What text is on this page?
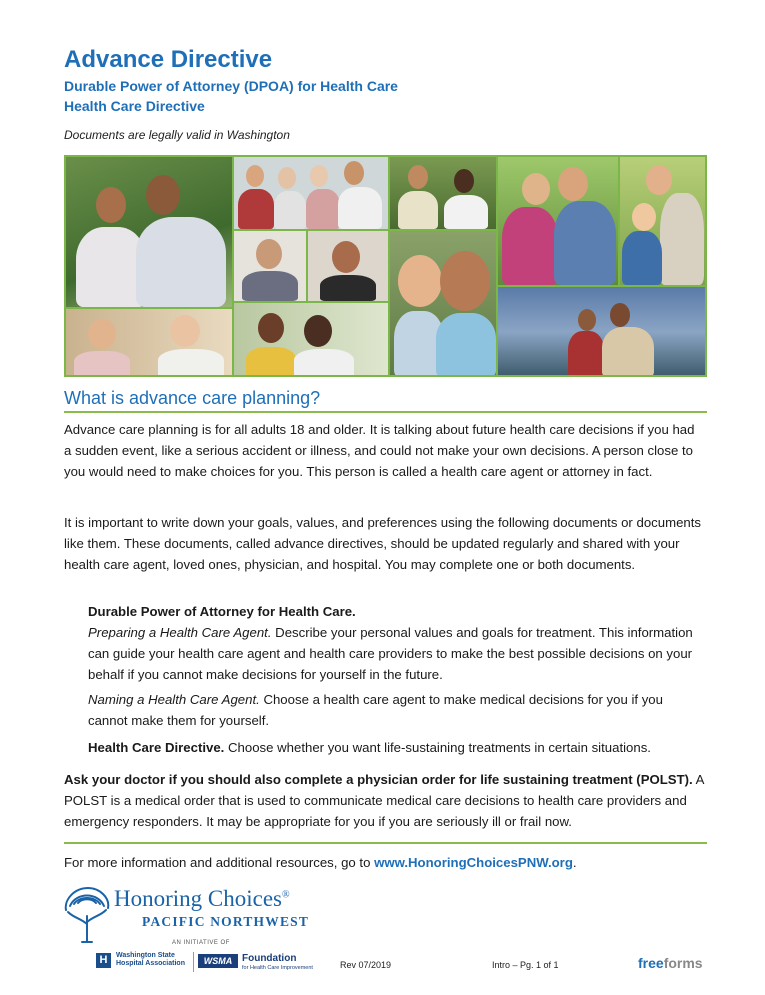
Advance Directive
Durable Power of Attorney (DPOA) for Health Care
Health Care Directive
Documents are legally valid in Washington
What is advance care planning?
Advance care planning is for all adults 18 and older. It is talking about future health care decisions if you had a sudden event, like a serious accident or illness, and could not make your own decisions. A person close to you would need to make choices for you. This person is called a health care agent or attorney in fact.
It is important to write down your goals, values, and preferences using the following documents or documents like them. These documents, called advance directives, should be updated regularly and shared with your health care agent, loved ones, physician, and hospital. You may complete one or both documents.
Durable Power of Attorney for Health Care.
Preparing a Health Care Agent. Describe your personal values and goals for treatment. This information can guide your health care agent and health care providers to make the best possible decisions on your behalf if you cannot make decisions for yourself in the future.
Naming a Health Care Agent. Choose a health care agent to make medical decisions for you if you cannot make them for yourself.
Health Care Directive. Choose whether you want life-sustaining treatments in certain situations.
Ask your doctor if you should also complete a physician order for life sustaining treatment (POLST). A POLST is a medical order that is used to communicate medical care decisions to health care providers and emergency responders. It may be appropriate for you if you are seriously ill or frail now.
For more information and additional resources, go to www.HonoringChoicesPNW.org.
Honoring Choices®
PACIFIC NORTHWEST
AN INITIATIVE OF
H	Washington State
Hospital Association	WSMA Foundation
for Health Care Improvement	Rev 07/2019	Intro – Pg. 1 of 1	freeforms
